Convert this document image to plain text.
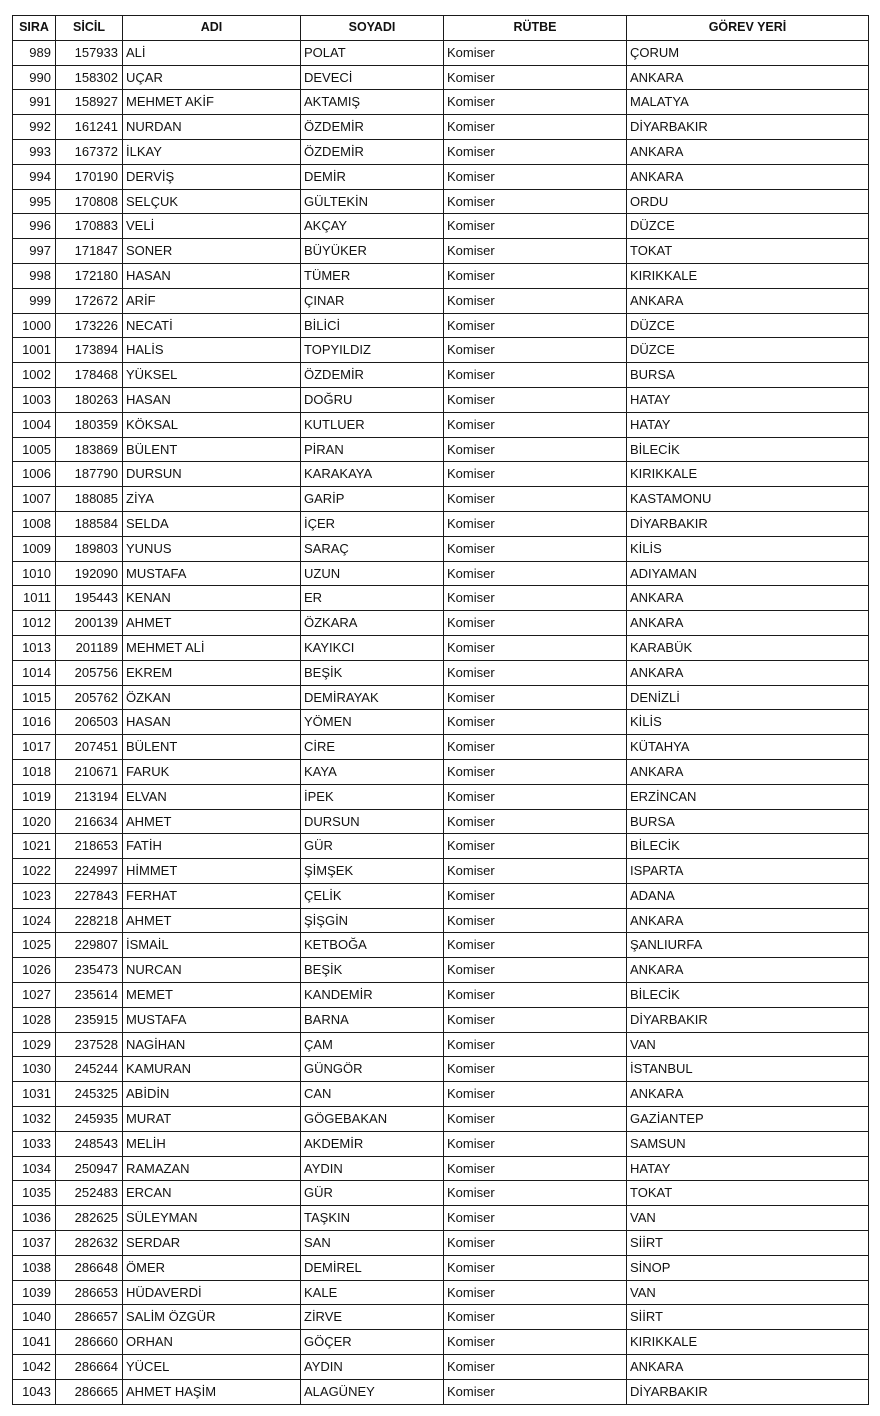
SIRA	SİCİL	ADI	SOYADI	RÜTBE	GÖREV YERİ
989	157933	ALİ	POLAT	Komiser	ÇORUM
990	158302	UÇAR	DEVECİ	Komiser	ANKARA
991	158927	MEHMET AKİF	AKTAMIŞ	Komiser	MALATYA
992	161241	NURDAN	ÖZDEMİR	Komiser	DİYARBAKIR
993	167372	İLKAY	ÖZDEMİR	Komiser	ANKARA
994	170190	DERVİŞ	DEMİR	Komiser	ANKARA
995	170808	SELÇUK	GÜLTEKİN	Komiser	ORDU
996	170883	VELİ	AKÇAY	Komiser	DÜZCE
997	171847	SONER	BÜYÜKER	Komiser	TOKAT
998	172180	HASAN	TÜMER	Komiser	KIRIKKALE
999	172672	ARİF	ÇINAR	Komiser	ANKARA
1000	173226	NECATİ	BİLİCİ	Komiser	DÜZCE
1001	173894	HALİS	TOPYILDIZ	Komiser	DÜZCE
1002	178468	YÜKSEL	ÖZDEMİR	Komiser	BURSA
1003	180263	HASAN	DOĞRU	Komiser	HATAY
1004	180359	KÖKSAL	KUTLUER	Komiser	HATAY
1005	183869	BÜLENT	PİRAN	Komiser	BİLECİK
1006	187790	DURSUN	KARAKAYA	Komiser	KIRIKKALE
1007	188085	ZİYA	GARİP	Komiser	KASTAMONU
1008	188584	SELDA	İÇER	Komiser	DİYARBAKIR
1009	189803	YUNUS	SARAÇ	Komiser	KİLİS
1010	192090	MUSTAFA	UZUN	Komiser	ADIYAMAN
1011	195443	KENAN	ER	Komiser	ANKARA
1012	200139	AHMET	ÖZKARA	Komiser	ANKARA
1013	201189	MEHMET ALİ	KAYIKCI	Komiser	KARABÜK
1014	205756	EKREM	BEŞİK	Komiser	ANKARA
1015	205762	ÖZKAN	DEMİRAYAK	Komiser	DENİZLİ
1016	206503	HASAN	YÖMEN	Komiser	KİLİS
1017	207451	BÜLENT	CİRE	Komiser	KÜTAHYA
1018	210671	FARUK	KAYA	Komiser	ANKARA
1019	213194	ELVAN	İPEK	Komiser	ERZİNCAN
1020	216634	AHMET	DURSUN	Komiser	BURSA
1021	218653	FATİH	GÜR	Komiser	BİLECİK
1022	224997	HİMMET	ŞİMŞEK	Komiser	ISPARTA
1023	227843	FERHAT	ÇELİK	Komiser	ADANA
1024	228218	AHMET	ŞİŞGİN	Komiser	ANKARA
1025	229807	İSMAİL	KETBOĞA	Komiser	ŞANLIURFA
1026	235473	NURCAN	BEŞİK	Komiser	ANKARA
1027	235614	MEMET	KANDEMİR	Komiser	BİLECİK
1028	235915	MUSTAFA	BARNA	Komiser	DİYARBAKIR
1029	237528	NAGİHAN	ÇAM	Komiser	VAN
1030	245244	KAMURAN	GÜNGÖR	Komiser	İSTANBUL
1031	245325	ABİDİN	CAN	Komiser	ANKARA
1032	245935	MURAT	GÖGEBAKAN	Komiser	GAZİANTEP
1033	248543	MELİH	AKDEMİR	Komiser	SAMSUN
1034	250947	RAMAZAN	AYDIN	Komiser	HATAY
1035	252483	ERCAN	GÜR	Komiser	TOKAT
1036	282625	SÜLEYMAN	TAŞKIN	Komiser	VAN
1037	282632	SERDAR	SAN	Komiser	SİİRT
1038	286648	ÖMER	DEMİREL	Komiser	SİNOP
1039	286653	HÜDAVERDİ	KALE	Komiser	VAN
1040	286657	SALİM ÖZGÜR	ZİRVE	Komiser	SİİRT
1041	286660	ORHAN	GÖÇER	Komiser	KIRIKKALE
1042	286664	YÜCEL	AYDIN	Komiser	ANKARA
1043	286665	AHMET HAŞİM	ALAGÜNEY	Komiser	DİYARBAKIR
